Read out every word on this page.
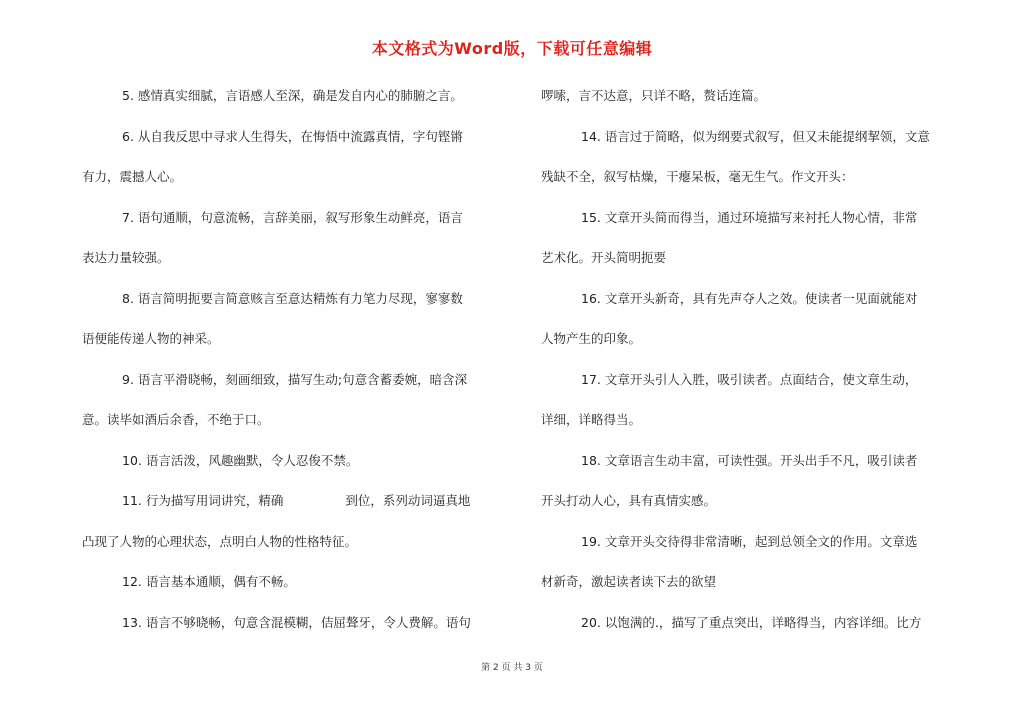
本文格式为Word版，下载可任意编辑
5. 感情真实细腻，言语感人至深，确是发自内心的肺腑之言。
6. 从自我反思中寻求人生得失，在悔悟中流露真情，字句铿锵
有力，震撼人心。
7. 语句通顺，句意流畅，言辞美丽，叙写形象生动鲜亮，语言
表达力量较强。
8. 语言简明扼要言简意赅言至意达精炼有力笔力尽现，寥寥数
语便能传递人物的神采。
9. 语言平滑晓畅，刻画细致，描写生动;句意含蓄委婉，暗含深
意。读毕如酒后余香，不绝于口。
10. 语言活泼，风趣幽默，令人忍俊不禁。
11. 行为描写用词讲究，精确	到位，系列动词逼真地
凸现了人物的心理状态，点明白人物的性格特征。
12. 语言基本通顺，偶有不畅。
13. 语言不够晓畅，句意含混模糊，佶屈聱牙，令人费解。语句
啰嗦，言不达意，只详不略，赘话连篇。
14. 语言过于简略，似为纲要式叙写，但又未能提纲挈领，文意
残缺不全，叙写枯燥，干瘪呆板，毫无生气。作文开头：
15. 文章开头简而得当，通过环境描写来衬托人物心情，非常
艺术化。开头简明扼要
16. 文章开头新奇，具有先声夺人之效。使读者一见面就能对
人物产生的印象。
17. 文章开头引人入胜，吸引读者。点面结合，使文章生动，
详细，详略得当。
18. 文章语言生动丰富，可读性强。开头出手不凡，吸引读者
开头打动人心，具有真情实感。
19. 文章开头交待得非常清晰，起到总领全文的作用。文章选
材新奇，激起读者读下去的欲望
20. 以饱满的.，描写了重点突出，详略得当，内容详细。比方
第 2 页 共 3 页
